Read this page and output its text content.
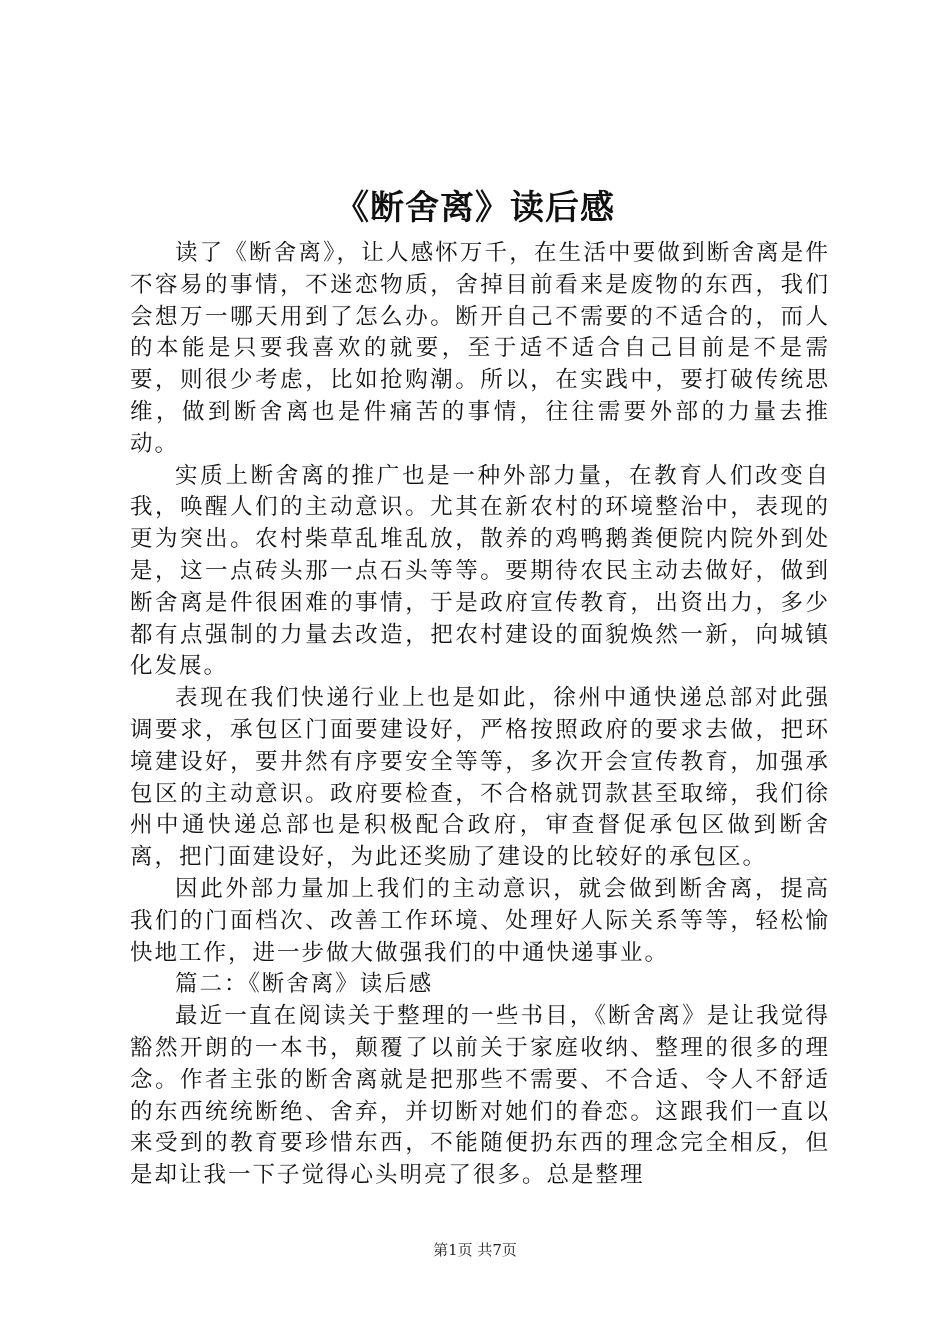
《断舍离》读后感

读了《断舍离》，让人感怀万千，在生活中要做到断舍离是件不容易的事情，不迷恋物质，舍掉目前看来是废物的东西，我们会想万一哪天用到了怎么办。断开自己不需要的不适合的，而人的本能是只要我喜欢的就要，至于适不适合自己目前是不是需要，则很少考虑，比如抢购潮。所以，在实践中，要打破传统思维，做到断舍离也是件痛苦的事情，往往需要外部的力量去推动。

实质上断舍离的推广也是一种外部力量，在教育人们改变自我，唤醒人们的主动意识。尤其在新农村的环境整治中，表现的更为突出。农村柴草乱堆乱放，散养的鸡鸭鹅粪便院内院外到处是，这一点砖头那一点石头等等。要期待农民主动去做好，做到断舍离是件很困难的事情，于是政府宣传教育，出资出力，多少都有点强制的力量去改造，把农村建设的面貌焕然一新，向城镇化发展。

表现在我们快递行业上也是如此，徐州中通快递总部对此强调要求，承包区门面要建设好，严格按照政府的要求去做，把环境建设好，要井然有序要安全等等，多次开会宣传教育，加强承包区的主动意识。政府要检查，不合格就罚款甚至取缔，我们徐州中通快递总部也是积极配合政府，审查督促承包区做到断舍离，把门面建设好，为此还奖励了建设的比较好的承包区。

因此外部力量加上我们的主动意识，就会做到断舍离，提高我们的门面档次、改善工作环境、处理好人际关系等等，轻松愉快地工作，进一步做大做强我们的中通快递事业。

篇二：《断舍离》读后感

最近一直在阅读关于整理的一些书目，《断舍离》是让我觉得豁然开朗的一本书，颠覆了以前关于家庭收纳、整理的很多的理念。作者主张的断舍离就是把那些不需要、不合适、令人不舒适的东西统统断绝、舍弃，并切断对她们的眷恋。这跟我们一直以来受到的教育要珍惜东西，不能随便扔东西的理念完全相反，但是却让我一下子觉得心头明亮了很多。总是整理

第1页 共7页
